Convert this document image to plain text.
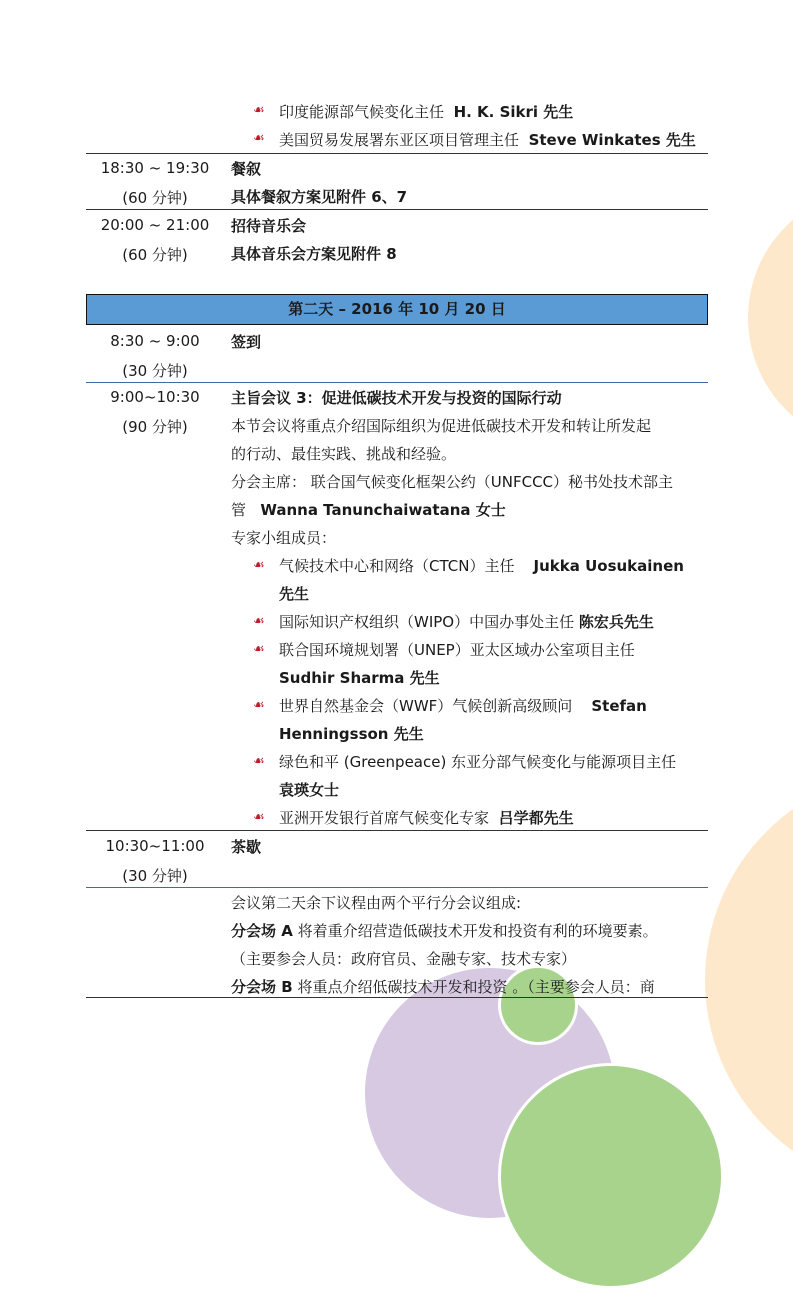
☙ 印度能源部气候变化主任 H. K. Sikri 先生
☙ 美国贸易发展署东亚区项目管理主任 Steve Winkates 先生
18:30 ~ 19:30
(60 分钟)
餐叙
具体餐叙方案见附件 6、7
20:00 ~ 21:00
(60 分钟)
招待音乐会
具体音乐会方案见附件 8
第二天 – 2016 年 10 月 20 日
8:30 ~ 9:00
(30 分钟)
签到
9:00~10:30
(90 分钟)
主旨会议 3：促进低碳技术开发与投资的国际行动
本节会议将重点介绍国际组织为促进低碳技术开发和转让所发起
的行动、最佳实践、挑战和经验。
分会主席： 联合国气候变化框架公约（UNFCCC）秘书处技术部主
管 Wanna Tanunchaiwatana 女士
专家小组成员：
☙ 气候技术中心和网络（CTCN）主任 Jukka Uosukainen
先生
☙ 国际知识产权组织（WIPO）中国办事处主任 陈宏兵先生
☙ 联合国环境规划署（UNEP）亚太区域办公室项目主任
Sudhir Sharma 先生
☙ 世界自然基金会（WWF）气候创新高级顾问 Stefan
Henningsson 先生
☙ 绿色和平 (Greenpeace) 东亚分部气候变化与能源项目主任
袁瑛女士
☙ 亚洲开发银行首席气候变化专家 吕学都先生
10:30~11:00
(30 分钟)
茶歇
会议第二天余下议程由两个平行分会议组成:
分会场 A 将着重介绍营造低碳技术开发和投资有利的环境要素。
（主要参会人员：政府官员、金融专家、技术专家）
分会场 B 将重点介绍低碳技术开发和投资 。（主要参会人员：商
